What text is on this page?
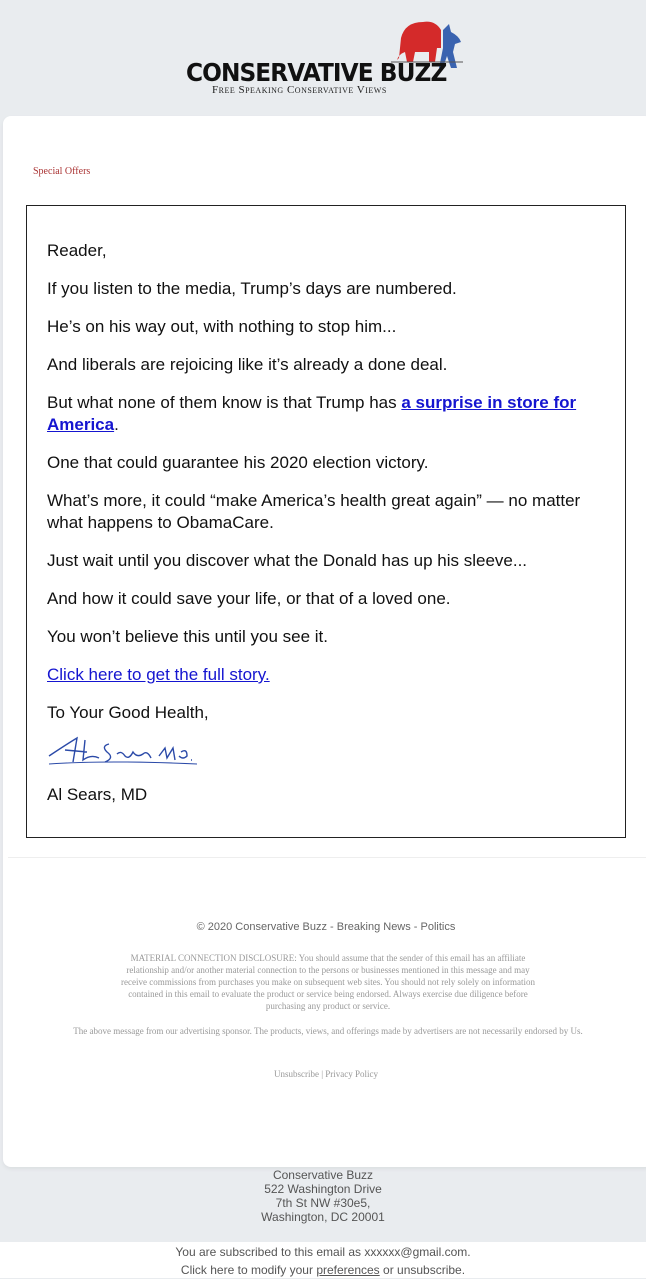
CONSERVATIVE BUZZ
Free Speaking Conservative Views
Special Offers

Reader,

If you listen to the media, Trump’s days are numbered.

He’s on his way out, with nothing to stop him...

And liberals are rejoicing like it’s already a done deal.

But what none of them know is that Trump has a surprise in store for America.

One that could guarantee his 2020 election victory.

What’s more, it could “make America’s health great again” — no matter what happens to ObamaCare.

Just wait until you discover what the Donald has up his sleeve...

And how it could save your life, or that of a loved one.

You won’t believe this until you see it.

Click here to get the full story.

To Your Good Health,

Al Sears, MD

© 2020 Conservative Buzz - Breaking News - Politics
MATERIAL CONNECTION DISCLOSURE: You should assume that the sender of this email has an affiliate relationship and/or another material connection to the persons or businesses mentioned in this message and may receive commissions from purchases you make on subsequent web sites. You should not rely solely on information contained in this email to evaluate the product or service being endorsed. Always exercise due diligence before purchasing any product or service.
The above message from our advertising sponsor. The products, views, and offerings made by advertisers are not necessarily endorsed by Us.
Unsubscribe | Privacy Policy
Conservative Buzz
522 Washington Drive
7th St NW #30e5,
Washington, DC 20001
You are subscribed to this email as xxxxxx@gmail.com.
Click here to modify your preferences or unsubscribe.
